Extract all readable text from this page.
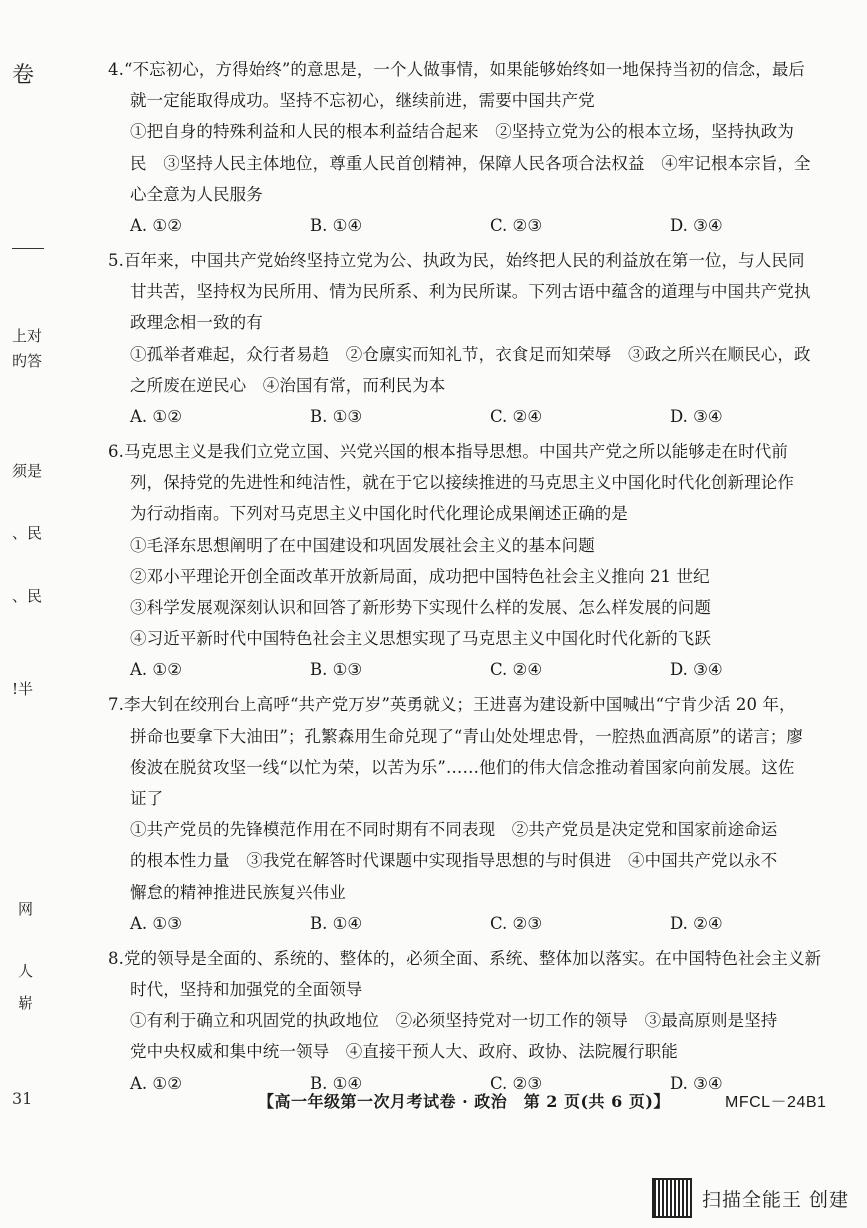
卷
上对
旳答
须是
、民
、民
!半
网
人
崭
4.“不忘初心，方得始终”的意思是，一个人做事情，如果能够始终如一地保持当初的信念，最后
就一定能取得成功。坚持不忘初心，继续前进，需要中国共产党
①把自身的特殊利益和人民的根本利益结合起来　②坚持立党为公的根本立场，坚持执政为
民　③坚持人民主体地位，尊重人民首创精神，保障人民各项合法权益　④牢记根本宗旨，全
心全意为人民服务
A. ①②	B. ①④	C. ②③	D. ③④
5.百年来，中国共产党始终坚持立党为公、执政为民，始终把人民的利益放在第一位，与人民同
甘共苦，坚持权为民所用、情为民所系、利为民所谋。下列古语中蕴含的道理与中国共产党执
政理念相一致的有
①孤举者难起，众行者易趋　②仓廪实而知礼节，衣食足而知荣辱　③政之所兴在顺民心，政
之所废在逆民心　④治国有常，而利民为本
A. ①②	B. ①③	C. ②④	D. ③④
6.马克思主义是我们立党立国、兴党兴国的根本指导思想。中国共产党之所以能够走在时代前
列，保持党的先进性和纯洁性，就在于它以接续推进的马克思主义中国化时代化创新理论作
为行动指南。下列对马克思主义中国化时代化理论成果阐述正确的是
①毛泽东思想阐明了在中国建设和巩固发展社会主义的基本问题
②邓小平理论开创全面改革开放新局面，成功把中国特色社会主义推向 21 世纪
③科学发展观深刻认识和回答了新形势下实现什么样的发展、怎么样发展的问题
④习近平新时代中国特色社会主义思想实现了马克思主义中国化时代化新的飞跃
A. ①②	B. ①③	C. ②④	D. ③④
7.李大钊在绞刑台上高呼“共产党万岁”英勇就义；王进喜为建设新中国喊出“宁肯少活 20 年，
拼命也要拿下大油田”；孔繁森用生命兑现了“青山处处埋忠骨，一腔热血洒高原”的诺言；廖
俊波在脱贫攻坚一线“以忙为荣，以苦为乐”……他们的伟大信念推动着国家向前发展。这佐
证了
①共产党员的先锋模范作用在不同时期有不同表现　②共产党员是决定党和国家前途命运
的根本性力量　③我党在解答时代课题中实现指导思想的与时俱进　④中国共产党以永不
懈怠的精神推进民族复兴伟业
A. ①③	B. ①④	C. ②③	D. ②④
8.党的领导是全面的、系统的、整体的，必须全面、系统、整体加以落实。在中国特色社会主义新
时代，坚持和加强党的全面领导
①有利于确立和巩固党的执政地位　②必须坚持党对一切工作的领导　③最高原则是坚持
党中央权威和集中统一领导　④直接干预人大、政府、政协、法院履行职能
A. ①②	B. ①④	C. ②③	D. ③④
31	【高一年级第一次月考试卷 · 政治　第 2 页(共 6 页)】	MFCL－24B1
扫描全能王 创建
